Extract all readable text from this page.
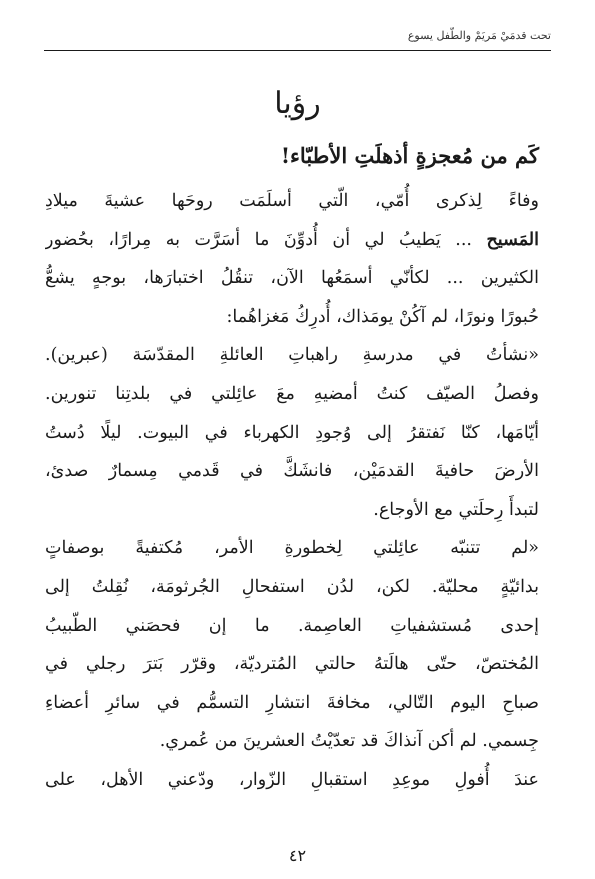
تحت قدمَيْ مَريَمْ والطّفل يسوع
رؤيا
كَم من مُعجزةٍ أذهلَتِ الأطبّاء!
وفاءً لِذكرى أُمّي، الّتي أسلَمَت روحَها عشيةَ ميلادِ
المَسيح ... يَطيبُ لي أن أُدوِّنَ ما أسَرَّت به مِرارًا، بحُضور
الكثيرين ... لكأنّي أسمَعُها الآن، تنقُلُ اختبارَها، بوجهٍ يشعُّ
حُبورًا ونورًا، لم آكُنْ يومَذاك، أُدرِكُ مَغزاهُما:
«نشأتُ في مدرسةِ راهباتِ العائلةِ المقدّسَة (عبرين).
وفصلُ الصيّف كنتُ أمضيهِ معَ عائِلتي في بلدتِنا تنورين.
أيّامَها، كنّا نَفتقرُ إلى وُجودِ الكهرباء في البيوت. ليلًا دُستُ
الأرضَ حافيةَ القدمَيْن، فانشَكَّ في قَدمي مِسمارٌ صدئ،
لتبدأَ رِحلَتي مع الأوجاع.
«لم تتنبّه عائِلتي لِخطورةِ الأمر، مُكتفيةً بوصفاتٍ
بدائيّةٍ محليّة. لكن، لدُن استفحالِ الجُرثومَة، نُقِلتُ إلى
إحدى مُستشفياتِ العاصِمة. ما إن فحصَني الطّبيبُ
المُختصّ، حتّى هالَتهُ حالتي المُترديّة، وقرّر بَترَ رجلي في
صباحِ اليوم التّالي، مخافةَ انتشارِ التسمُّم في سائرِ أعضاءِ
جِسمي. لم أكن آنذاكَ قد تعدّيْتُ العشرينَ من عُمري.
عندَ أُفولِ موعِدِ استقبالِ الزّوار، ودّعني الأهل، على
٤٢
